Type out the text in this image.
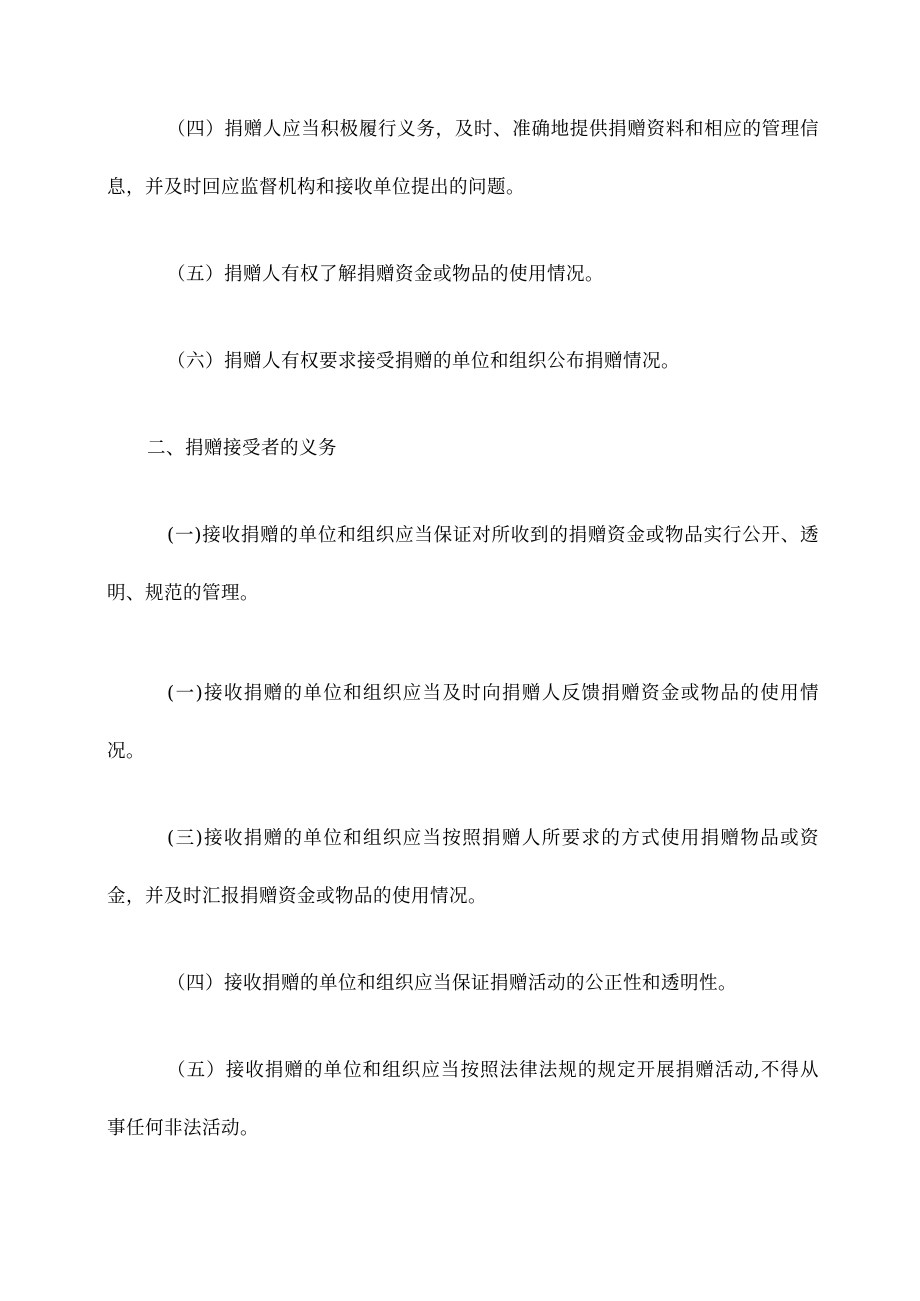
（四）捐赠人应当积极履行义务，及时、准确地提供捐赠资料和相应的管理信息，并及时回应监督机构和接收单位提出的问题。

（五）捐赠人有权了解捐赠资金或物品的使用情况。

（六）捐赠人有权要求接受捐赠的单位和组织公布捐赠情况。

二、捐赠接受者的义务

(一)接收捐赠的单位和组织应当保证对所收到的捐赠资金或物品实行公开、透明、规范的管理。

(一)接收捐赠的单位和组织应当及时向捐赠人反馈捐赠资金或物品的使用情况。

(三)接收捐赠的单位和组织应当按照捐赠人所要求的方式使用捐赠物品或资金，并及时汇报捐赠资金或物品的使用情况。

（四）接收捐赠的单位和组织应当保证捐赠活动的公正性和透明性。

（五）接收捐赠的单位和组织应当按照法律法规的规定开展捐赠活动,不得从事任何非法活动。
